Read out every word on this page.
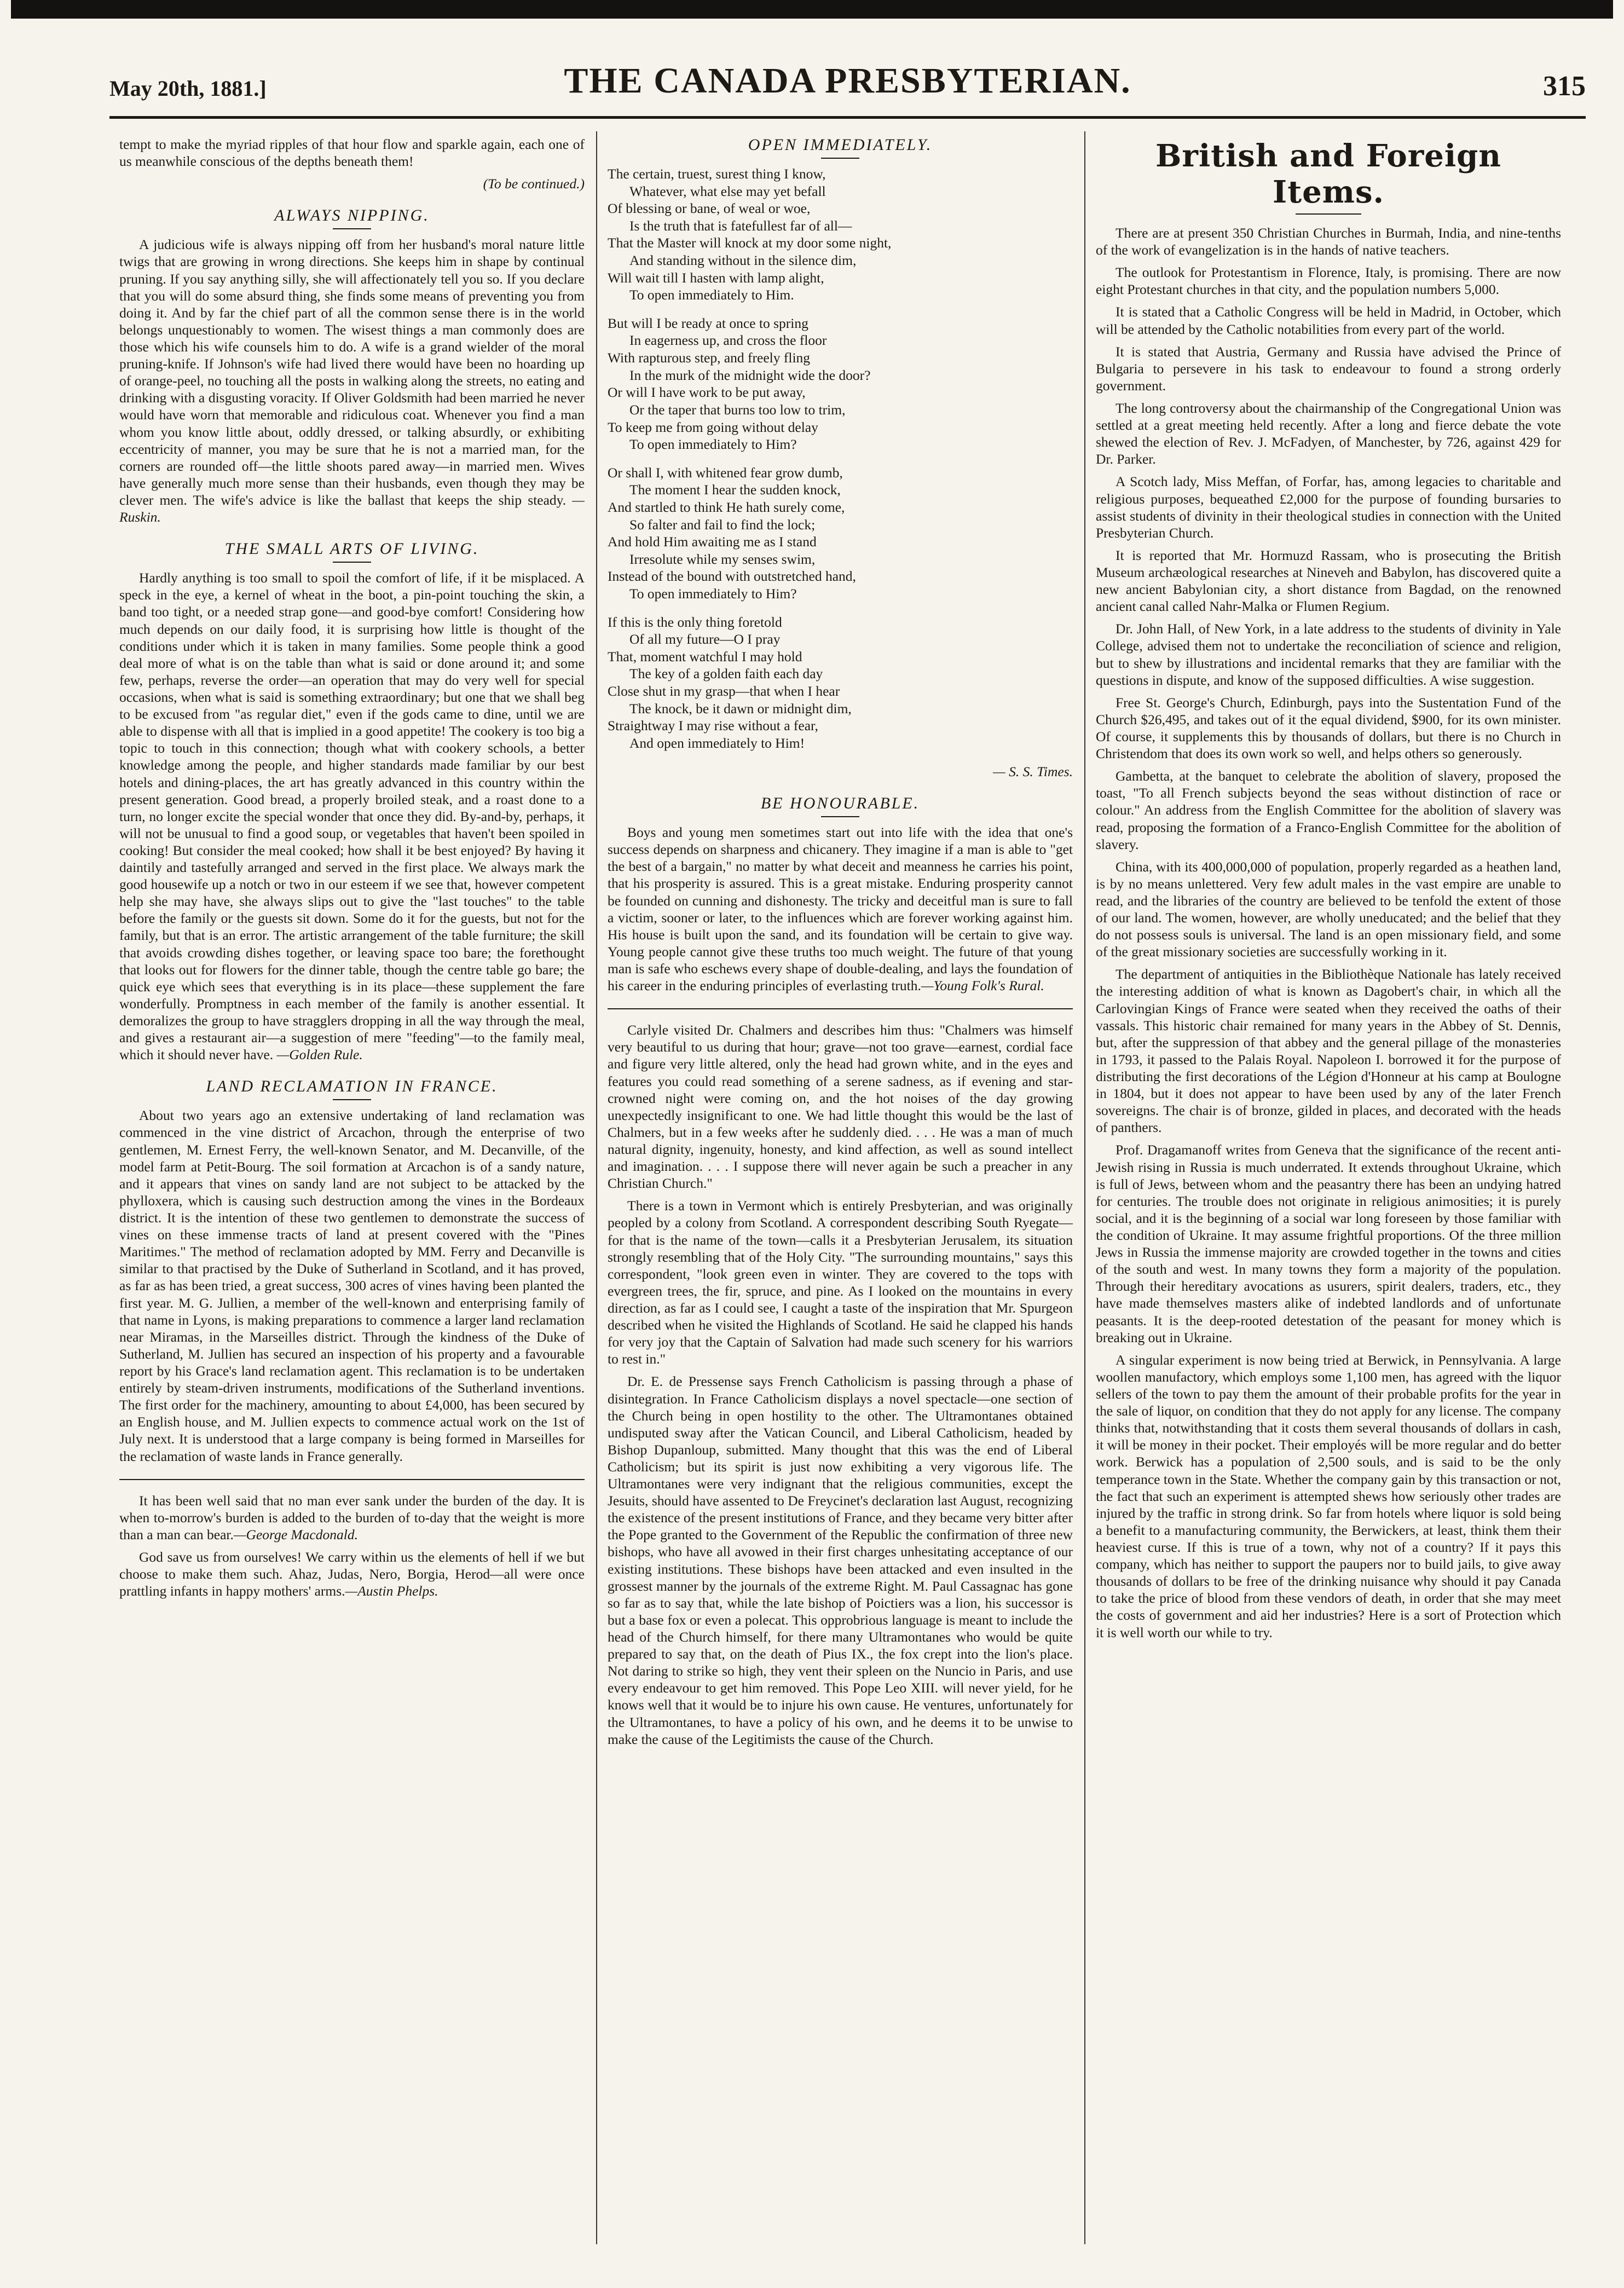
May 20th, 1881.]	THE CANADA PRESBYTERIAN.	315

tempt to make the myriad ripples of that hour flow and sparkle again, each one of us meanwhile conscious of the depths beneath them!

(To be continued.)

ALWAYS NIPPING.

A judicious wife is always nipping off from her husband's moral nature little twigs that are growing in wrong directions. She keeps him in shape by continual pruning. If you say anything silly, she will affectionately tell you so. If you declare that you will do some absurd thing, she finds some means of preventing you from doing it. And by far the chief part of all the common sense there is in the world belongs unquestionably to women. The wisest things a man commonly does are those which his wife counsels him to do. A wife is a grand wielder of the moral pruning-knife. If Johnson's wife had lived there would have been no hoarding up of orange-peel, no touching all the posts in walking along the streets, no eating and drinking with a disgusting voracity. If Oliver Goldsmith had been married he never would have worn that memorable and ridiculous coat. Whenever you find a man whom you know little about, oddly dressed, or talking absurdly, or exhibiting eccentricity of manner, you may be sure that he is not a married man, for the corners are rounded off—the little shoots pared away—in married men. Wives have generally much more sense than their husbands, even though they may be clever men. The wife's advice is like the ballast that keeps the ship steady. —Ruskin.

THE SMALL ARTS OF LIVING.

Hardly anything is too small to spoil the comfort of life, if it be misplaced. A speck in the eye, a kernel of wheat in the boot, a pin-point touching the skin, a band too tight, or a needed strap gone—and good-bye comfort! Considering how much depends on our daily food, it is surprising how little is thought of the conditions under which it is taken in many families. Some people think a good deal more of what is on the table than what is said or done around it; and some few, perhaps, reverse the order—an operation that may do very well for special occasions, when what is said is something extraordinary; but one that we shall beg to be excused from "as regular diet," even if the gods came to dine, until we are able to dispense with all that is implied in a good appetite! The cookery is too big a topic to touch in this connection; though what with cookery schools, a better knowledge among the people, and higher standards made familiar by our best hotels and dining-places, the art has greatly advanced in this country within the present generation. Good bread, a properly broiled steak, and a roast done to a turn, no longer excite the special wonder that once they did. By-and-by, perhaps, it will not be unusual to find a good soup, or vegetables that haven't been spoiled in cooking! But consider the meal cooked; how shall it be best enjoyed? By having it daintily and tastefully arranged and served in the first place. We always mark the good housewife up a notch or two in our esteem if we see that, however competent help she may have, she always slips out to give the "last touches" to the table before the family or the guests sit down. Some do it for the guests, but not for the family, but that is an error. The artistic arrangement of the table furniture; the skill that avoids crowding dishes together, or leaving space too bare; the forethought that looks out for flowers for the dinner table, though the centre table go bare; the quick eye which sees that everything is in its place—these supplement the fare wonderfully. Promptness in each member of the family is another essential. It demoralizes the group to have stragglers dropping in all the way through the meal, and gives a restaurant air—a suggestion of mere "feeding"—to the family meal, which it should never have. —Golden Rule.

LAND RECLAMATION IN FRANCE.

About two years ago an extensive undertaking of land reclamation was commenced in the vine district of Arcachon, through the enterprise of two gentlemen, M. Ernest Ferry, the well-known Senator, and M. Decanville, of the model farm at Petit-Bourg. The soil formation at Arcachon is of a sandy nature, and it appears that vines on sandy land are not subject to be attacked by the phylloxera, which is causing such destruction among the vines in the Bordeaux district. It is the intention of these two gentlemen to demonstrate the success of vines on these immense tracts of land at present covered with the "Pines Maritimes." The method of reclamation adopted by MM. Ferry and Decanville is similar to that practised by the Duke of Sutherland in Scotland, and it has proved, as far as has been tried, a great success, 300 acres of vines having been planted the first year. M. G. Jullien, a member of the well-known and enterprising family of that name in Lyons, is making preparations to commence a larger land reclamation near Miramas, in the Marseilles district. Through the kindness of the Duke of Sutherland, M. Jullien has secured an inspection of his property and a favourable report by his Grace's land reclamation agent. This reclamation is to be undertaken entirely by steam-driven instruments, modifications of the Sutherland inventions. The first order for the machinery, amounting to about £4,000, has been secured by an English house, and M. Jullien expects to commence actual work on the 1st of July next. It is understood that a large company is being formed in Marseilles for the reclamation of waste lands in France generally.

It has been well said that no man ever sank under the burden of the day. It is when to-morrow's burden is added to the burden of to-day that the weight is more than a man can bear.—George Macdonald.

God save us from ourselves! We carry within us the elements of hell if we but choose to make them such. Ahaz, Judas, Nero, Borgia, Herod—all were once prattling infants in happy mothers' arms.—Austin Phelps.

OPEN IMMEDIATELY.
The certain, truest, surest thing I know,
Whatever, what else may yet befall
Of blessing or bane, of weal or woe,
Is the truth that is fatefullest far of all—
That the Master will knock at my door some night,
And standing without in the silence dim,
Will wait till I hasten with lamp alight,
To open immediately to Him.
But will I be ready at once to spring
In eagerness up, and cross the floor
With rapturous step, and freely fling
In the murk of the midnight wide the door?
Or will I have work to be put away,
Or the taper that burns too low to trim,
To keep me from going without delay
To open immediately to Him?
Or shall I, with whitened fear grow dumb,
The moment I hear the sudden knock,
And startled to think He hath surely come,
So falter and fail to find the lock;
And hold Him awaiting me as I stand
Irresolute while my senses swim,
Instead of the bound with outstretched hand,
To open immediately to Him?
If this is the only thing foretold
Of all my future—O I pray
That, moment watchful I may hold
The key of a golden faith each day
Close shut in my grasp—that when I hear
The knock, be it dawn or midnight dim,
Straightway I may rise without a fear,
And open immediately to Him!
— S. S. Times.
BE HONOURABLE.

Boys and young men sometimes start out into life with the idea that one's success depends on sharpness and chicanery. They imagine if a man is able to "get the best of a bargain," no matter by what deceit and meanness he carries his point, that his prosperity is assured. This is a great mistake. Enduring prosperity cannot be founded on cunning and dishonesty. The tricky and deceitful man is sure to fall a victim, sooner or later, to the influences which are forever working against him. His house is built upon the sand, and its foundation will be certain to give way. Young people cannot give these truths too much weight. The future of that young man is safe who eschews every shape of double-dealing, and lays the foundation of his career in the enduring principles of everlasting truth.—Young Folk's Rural.

Carlyle visited Dr. Chalmers and describes him thus: "Chalmers was himself very beautiful to us during that hour; grave—not too grave—earnest, cordial face and figure very little altered, only the head had grown white, and in the eyes and features you could read something of a serene sadness, as if evening and star-crowned night were coming on, and the hot noises of the day growing unexpectedly insignificant to one. We had little thought this would be the last of Chalmers, but in a few weeks after he suddenly died. . . . He was a man of much natural dignity, ingenuity, honesty, and kind affection, as well as sound intellect and imagination. . . . I suppose there will never again be such a preacher in any Christian Church."

There is a town in Vermont which is entirely Presbyterian, and was originally peopled by a colony from Scotland. A correspondent describing South Ryegate—for that is the name of the town—calls it a Presbyterian Jerusalem, its situation strongly resembling that of the Holy City. "The surrounding mountains," says this correspondent, "look green even in winter. They are covered to the tops with evergreen trees, the fir, spruce, and pine. As I looked on the mountains in every direction, as far as I could see, I caught a taste of the inspiration that Mr. Spurgeon described when he visited the Highlands of Scotland. He said he clapped his hands for very joy that the Captain of Salvation had made such scenery for his warriors to rest in."

Dr. E. de Pressense says French Catholicism is passing through a phase of disintegration. In France Catholicism displays a novel spectacle—one section of the Church being in open hostility to the other. The Ultramontanes obtained undisputed sway after the Vatican Council, and Liberal Catholicism, headed by Bishop Dupanloup, submitted. Many thought that this was the end of Liberal Catholicism; but its spirit is just now exhibiting a very vigorous life. The Ultramontanes were very indignant that the religious communities, except the Jesuits, should have assented to De Freycinet's declaration last August, recognizing the existence of the present institutions of France, and they became very bitter after the Pope granted to the Government of the Republic the confirmation of three new bishops, who have all avowed in their first charges unhesitating acceptance of our existing institutions. These bishops have been attacked and even insulted in the grossest manner by the journals of the extreme Right. M. Paul Cassagnac has gone so far as to say that, while the late bishop of Poictiers was a lion, his successor is but a base fox or even a polecat. This opprobrious language is meant to include the head of the Church himself, for there many Ultramontanes who would be quite prepared to say that, on the death of Pius IX., the fox crept into the lion's place. Not daring to strike so high, they vent their spleen on the Nuncio in Paris, and use every endeavour to get him removed. This Pope Leo XIII. will never yield, for he knows well that it would be to injure his own cause. He ventures, unfortunately for the Ultramontanes, to have a policy of his own, and he deems it to be unwise to make the cause of the Legitimists the cause of the Church.

British and Foreign Items.

There are at present 350 Christian Churches in Burmah, India, and nine-tenths of the work of evangelization is in the hands of native teachers.

The outlook for Protestantism in Florence, Italy, is promising. There are now eight Protestant churches in that city, and the population numbers 5,000.

It is stated that a Catholic Congress will be held in Madrid, in October, which will be attended by the Catholic notabilities from every part of the world.

It is stated that Austria, Germany and Russia have advised the Prince of Bulgaria to persevere in his task to endeavour to found a strong orderly government.

The long controversy about the chairmanship of the Congregational Union was settled at a great meeting held recently. After a long and fierce debate the vote shewed the election of Rev. J. McFadyen, of Manchester, by 726, against 429 for Dr. Parker.

A Scotch lady, Miss Meffan, of Forfar, has, among legacies to charitable and religious purposes, bequeathed £2,000 for the purpose of founding bursaries to assist students of divinity in their theological studies in connection with the United Presbyterian Church.

It is reported that Mr. Hormuzd Rassam, who is prosecuting the British Museum archæological researches at Nineveh and Babylon, has discovered quite a new ancient Babylonian city, a short distance from Bagdad, on the renowned ancient canal called Nahr-Malka or Flumen Regium.

Dr. John Hall, of New York, in a late address to the students of divinity in Yale College, advised them not to undertake the reconciliation of science and religion, but to shew by illustrations and incidental remarks that they are familiar with the questions in dispute, and know of the supposed difficulties. A wise suggestion.

Free St. George's Church, Edinburgh, pays into the Sustentation Fund of the Church $26,495, and takes out of it the equal dividend, $900, for its own minister. Of course, it supplements this by thousands of dollars, but there is no Church in Christendom that does its own work so well, and helps others so generously.

Gambetta, at the banquet to celebrate the abolition of slavery, proposed the toast, "To all French subjects beyond the seas without distinction of race or colour." An address from the English Committee for the abolition of slavery was read, proposing the formation of a Franco-English Committee for the abolition of slavery.

China, with its 400,000,000 of population, properly regarded as a heathen land, is by no means unlettered. Very few adult males in the vast empire are unable to read, and the libraries of the country are believed to be tenfold the extent of those of our land. The women, however, are wholly uneducated; and the belief that they do not possess souls is universal. The land is an open missionary field, and some of the great missionary societies are successfully working in it.

The department of antiquities in the Bibliothèque Nationale has lately received the interesting addition of what is known as Dagobert's chair, in which all the Carlovingian Kings of France were seated when they received the oaths of their vassals. This historic chair remained for many years in the Abbey of St. Dennis, but, after the suppression of that abbey and the general pillage of the monasteries in 1793, it passed to the Palais Royal. Napoleon I. borrowed it for the purpose of distributing the first decorations of the Légion d'Honneur at his camp at Boulogne in 1804, but it does not appear to have been used by any of the later French sovereigns. The chair is of bronze, gilded in places, and decorated with the heads of panthers.

Prof. Dragamanoff writes from Geneva that the significance of the recent anti-Jewish rising in Russia is much underrated. It extends throughout Ukraine, which is full of Jews, between whom and the peasantry there has been an undying hatred for centuries. The trouble does not originate in religious animosities; it is purely social, and it is the beginning of a social war long foreseen by those familiar with the condition of Ukraine. It may assume frightful proportions. Of the three million Jews in Russia the immense majority are crowded together in the towns and cities of the south and west. In many towns they form a majority of the population. Through their hereditary avocations as usurers, spirit dealers, traders, etc., they have made themselves masters alike of indebted landlords and of unfortunate peasants. It is the deep-rooted detestation of the peasant for money which is breaking out in Ukraine.

A singular experiment is now being tried at Berwick, in Pennsylvania. A large woollen manufactory, which employs some 1,100 men, has agreed with the liquor sellers of the town to pay them the amount of their probable profits for the year in the sale of liquor, on condition that they do not apply for any license. The company thinks that, notwithstanding that it costs them several thousands of dollars in cash, it will be money in their pocket. Their employés will be more regular and do better work. Berwick has a population of 2,500 souls, and is said to be the only temperance town in the State. Whether the company gain by this transaction or not, the fact that such an experiment is attempted shews how seriously other trades are injured by the traffic in strong drink. So far from hotels where liquor is sold being a benefit to a manufacturing community, the Berwickers, at least, think them their heaviest curse. If this is true of a town, why not of a country? If it pays this company, which has neither to support the paupers nor to build jails, to give away thousands of dollars to be free of the drinking nuisance why should it pay Canada to take the price of blood from these vendors of death, in order that she may meet the costs of government and aid her industries? Here is a sort of Protection which it is well worth our while to try.
